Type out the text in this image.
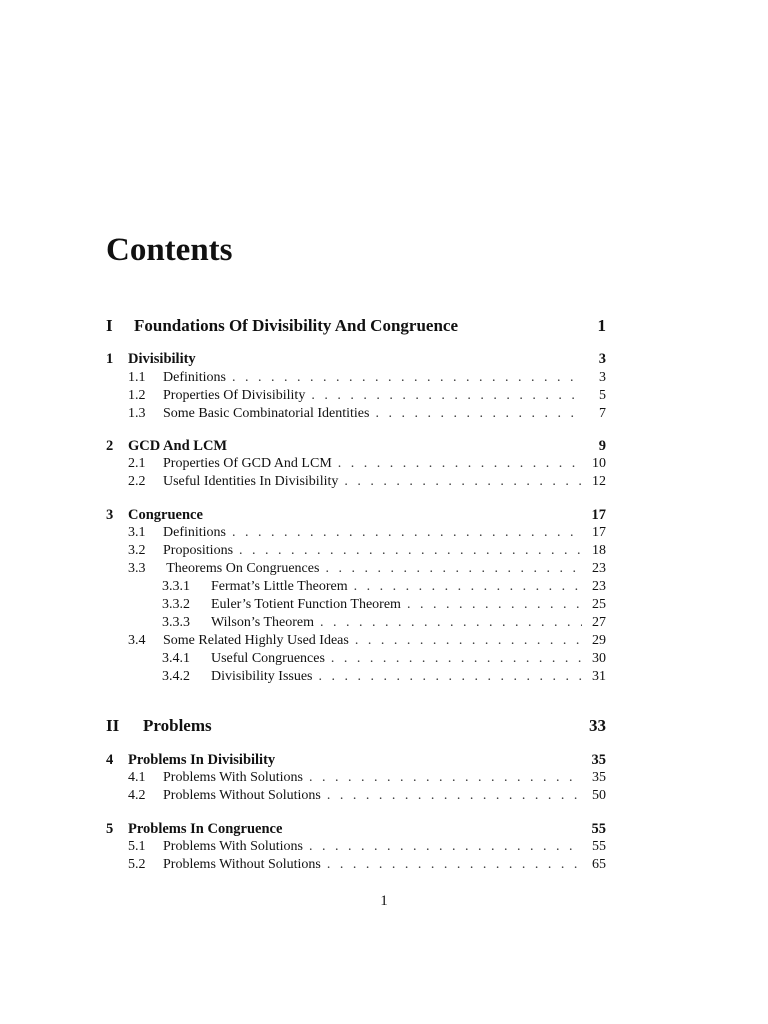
Contents
I	Foundations Of Divisibility And Congruence	1
1	Divisibility	3
1.1	Definitions . . .	3
1.2	Properties Of Divisibility . . .	5
1.3	Some Basic Combinatorial Identities . . .	7
2	GCD And LCM	9
2.1	Properties Of GCD And LCM . . .	10
2.2	Useful Identities In Divisibility . . .	12
3	Congruence	17
3.1	Definitions . . .	17
3.2	Propositions . . .	18
3.3	Theorems On Congruences . . .	23
3.3.1	Fermat’s Little Theorem . . .	23
3.3.2	Euler’s Totient Function Theorem . . .	25
3.3.3	Wilson’s Theorem . . .	27
3.4	Some Related Highly Used Ideas . . .	29
3.4.1	Useful Congruences . . .	30
3.4.2	Divisibility Issues . . .	31
II	Problems	33
4	Problems In Divisibility	35
4.1	Problems With Solutions . . .	35
4.2	Problems Without Solutions . . .	50
5	Problems In Congruence	55
5.1	Problems With Solutions . . .	55
5.2	Problems Without Solutions . . .	65
1
